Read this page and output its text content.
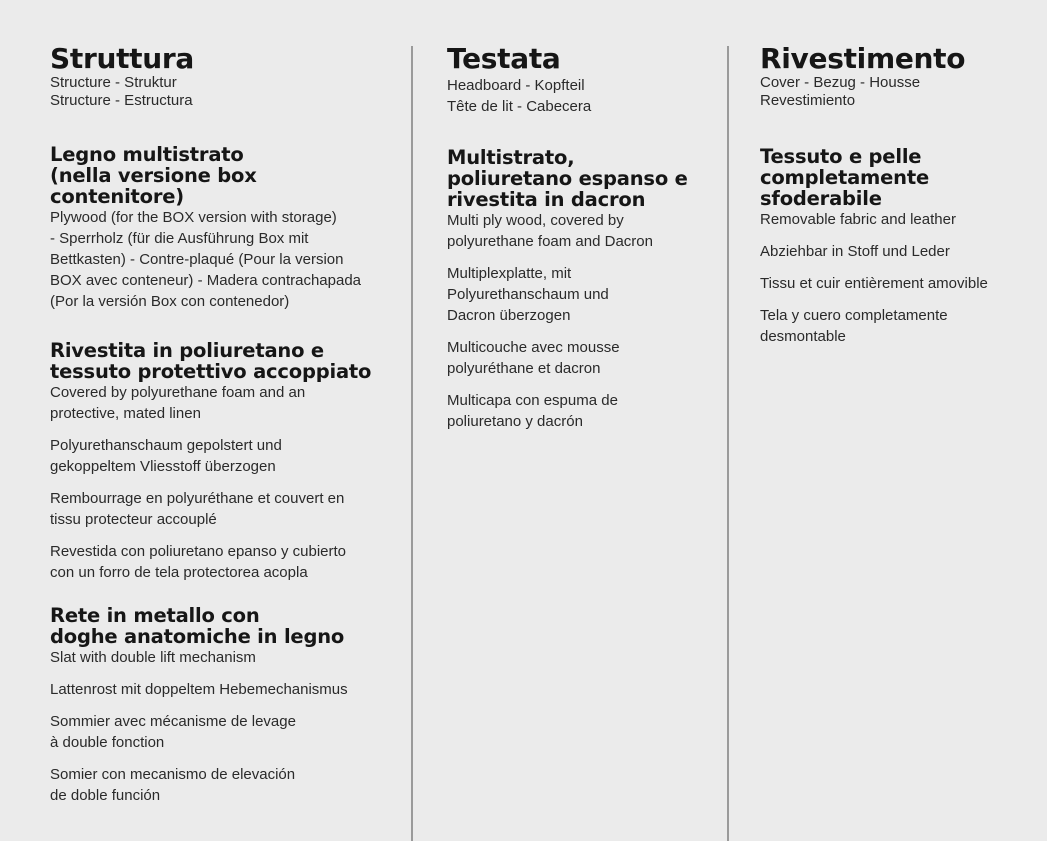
Struttura

Structure - Struktur
Structure - Estructura

Legno multistrato
(nella versione box contenitore)

Plywood (for the BOX version with storage)
- Sperrholz (für die Ausführung Box mit
Bettkasten) - Contre-plaqué (Pour la version
BOX avec conteneur) - Madera contrachapada
(Por la versión Box con contenedor)

Rivestita in poliuretano e
tessuto protettivo accoppiato

Covered by polyurethane foam and an
protective, mated linen

Polyurethanschaum gepolstert und
gekoppeltem Vliesstoff überzogen

Rembourrage en polyuréthane et couvert en
tissu protecteur accouplé

Revestida con poliuretano epanso y cubierto
con un forro de tela protectorea acopla

Rete in metallo con
doghe anatomiche in legno

Slat with double lift mechanism

Lattenrost mit doppeltem Hebemechanismus

Sommier avec mécanisme de levage
à double fonction

Somier con mecanismo de elevación
de doble función

Testata

Headboard - Kopfteil
Tête de lit - Cabecera

Multistrato,
poliuretano espanso e
rivestita in dacron

Multi ply wood, covered by
polyurethane foam and Dacron

Multiplexplatte, mit
Polyurethanschaum und
Dacron überzogen

Multicouche avec mousse
polyuréthane et dacron

Multicapa con espuma de
poliuretano y dacrón

Rivestimento

Cover - Bezug - Housse
Revestimiento

Tessuto e pelle
completamente
sfoderabile

Removable fabric and leather

Abziehbar in Stoff und Leder

Tissu et cuir entièrement amovible

Tela y cuero completamente
desmontable
